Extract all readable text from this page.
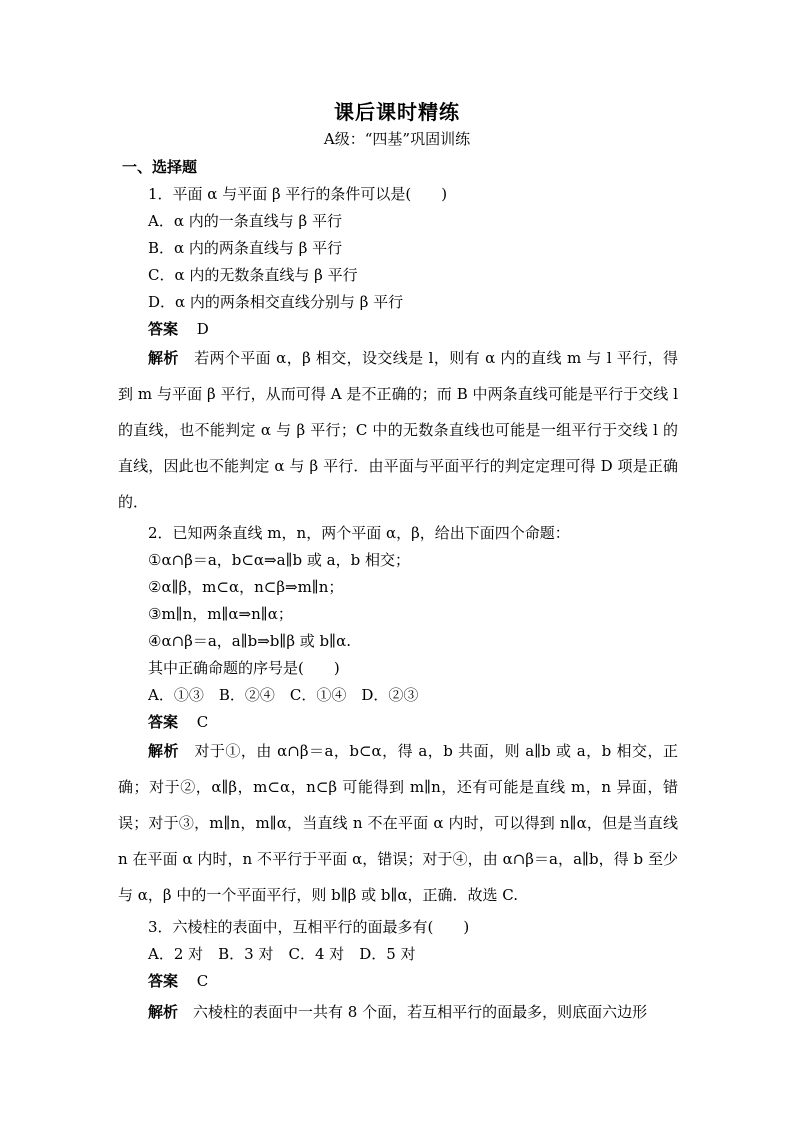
课后课时精练
A级：“四基”巩固训练
一、选择题
1．平面 α 与平面 β 平行的条件可以是(　　)
A．α 内的一条直线与 β 平行
B．α 内的两条直线与 β 平行
C．α 内的无数条直线与 β 平行
D．α 内的两条相交直线分别与 β 平行
答案 D
解析　 若两个平面 α，β 相交，设交线是 l，则有 α 内的直线 m 与 l 平行，得到 m 与平面 β 平行，从而可得 A 是不正确的；而 B 中两条直线可能是平行于交线 l 的直线，也不能判定 α 与 β 平行；C 中的无数条直线也可能是一组平行于交线 l 的直线，因此也不能判定 α 与 β 平行．由平面与平面平行的判定定理可得 D 项是正确的．
2．已知两条直线 m，n，两个平面 α，β，给出下面四个命题：
①α∩β＝a，b⊂α⇒a∥b 或 a，b 相交；
②α∥β，m⊂α，n⊂β⇒m∥n；
③m∥n，m∥α⇒n∥α；
④α∩β＝a，a∥b⇒b∥β 或 b∥α.
其中正确命题的序号是(　　)
A．①③　B．②④　C．①④　D．②③
答案 C
解析　 对于①，由 α∩β＝a，b⊂α，得 a，b 共面，则 a∥b 或 a，b 相交，正确；对于②，α∥β，m⊂α，n⊂β 可能得到 m∥n，还有可能是直线 m，n 异面，错误；对于③，m∥n，m∥α，当直线 n 不在平面 α 内时，可以得到 n∥α，但是当直线 n 在平面 α 内时，n 不平行于平面 α，错误；对于④，由 α∩β＝a，a∥b，得 b 至少与 α，β 中的一个平面平行，则 b∥β 或 b∥α，正确．故选 C.
3．六棱柱的表面中，互相平行的面最多有(　　)
A．2 对　B．3 对　C．4 对　D．5 对
答案 C
解析　 六棱柱的表面中一共有 8 个面，若互相平行的面最多，则底面六边形
